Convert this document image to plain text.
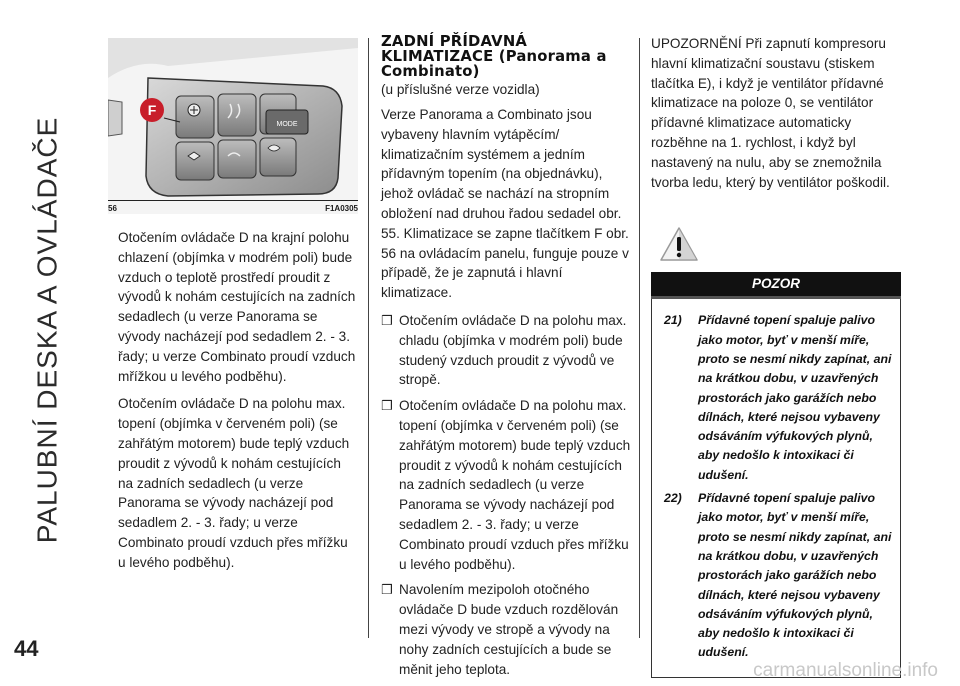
PALUBNÍ DESKA A OVLÁDAČE	MODE
F
56	F1A0305

Otočením ovládače D na krajní polohu chlazení (objímka v modrém poli) bude vzduch o teplotě prostředí proudit z vývodů k nohám cestujících na zadních sedadlech (u verze Panorama se vývody nacházejí pod sedadlem 2. - 3. řady; u verze Combinato proudí vzduch mřížkou u levého podběhu).

Otočením ovládače D na polohu max. topení (objímka v červeném poli) (se zahřátým motorem) bude teplý vzduch proudit z vývodů k nohám cestujících na zadních sedadlech (u verze Panorama se vývody nacházejí pod sedadlem 2. - 3. řady; u verze Combinato proudí vzduch přes mřížku u levého podběhu).

ZADNÍ PŘÍDAVNÁ KLIMATIZACE (Panorama a Combinato)
(u příslušné verze vozidla)

Verze Panorama a Combinato jsou vybaveny hlavním vytápěcím/ klimatizačním systémem a jedním přídavným topením (na objednávku), jehož ovládač se nachází na stropním obložení nad druhou řadou sedadel obr. 55. Klimatizace se zapne tlačítkem F obr. 56 na ovládacím panelu, funguje pouze v případě, že je zapnutá i hlavní klimatizace.

❒ Otočením ovládače D na polohu max. chladu (objímka v modrém poli) bude studený vzduch proudit z vývodů ve stropě.
❒ Otočením ovládače D na polohu max. topení (objímka v červeném poli) (se zahřátým motorem) bude teplý vzduch proudit z vývodů k nohám cestujících na zadních sedadlech (u verze Panorama se vývody nacházejí pod sedadlem 2. - 3. řady; u verze Combinato proudí vzduch přes mřížku u levého podběhu).
❒ Navolením mezipoloh otočného ovládače D bude vzduch rozdělován mezi vývody ve stropě a vývody na nohy zadních cestujících a bude se měnit jeho teplota.

UPOZORNĚNÍ Při zapnutí kompresoru hlavní klimatizační soustavu (stiskem tlačítka E), i když je ventilátor přídavné klimatizace na poloze 0, se ventilátor přídavné klimatizace automaticky rozběhne na 1. rychlost, i když byl nastavený na nulu, aby se znemožnila tvorba ledu, který by ventilátor poškodil.

POZOR
21)	Přídavné topení spaluje palivo jako motor, byť v menší míře, proto se nesmí nikdy zapínat, ani na krátkou dobu, v uzavřených prostorách jako garážích nebo dílnách, které nejsou vybaveny odsáváním výfukových plynů, aby nedošlo k intoxikaci či udušení.
22)	Přídavné topení spaluje palivo jako motor, byť v menší míře, proto se nesmí nikdy zapínat, ani na krátkou dobu, v uzavřených prostorách jako garážích nebo dílnách, které nejsou vybaveny odsáváním výfukových plynů, aby nedošlo k intoxikaci či udušení.
44
carmanualsonline.info
